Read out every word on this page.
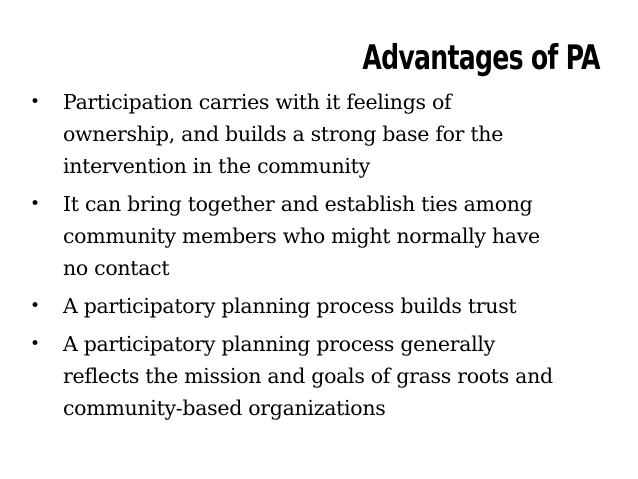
Advantages of PA
• Participation carries with it feelings of
ownership, and builds a strong base for the
intervention in the community
• It can bring together and establish ties among
community members who might normally have
no contact
• A participatory planning process builds trust
• A participatory planning process generally
reflects the mission and goals of grass roots and
community-based organizations
